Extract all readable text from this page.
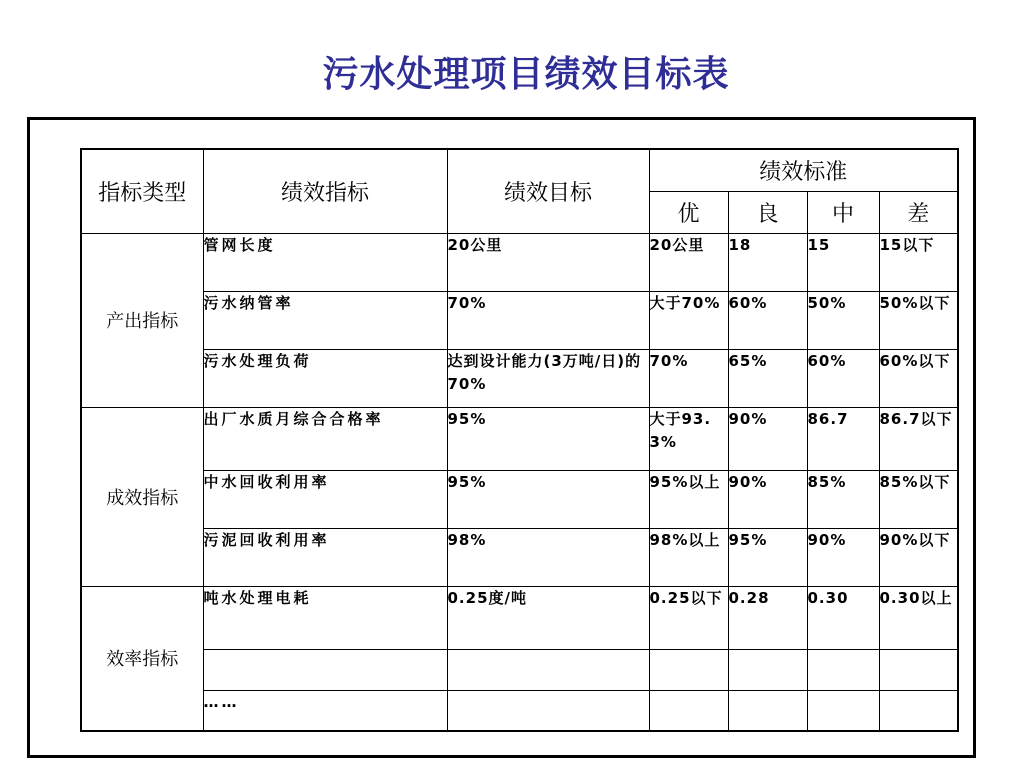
污水处理项目绩效目标表
指标类型	绩效指标	绩效目标	绩效标准			
			优	良	中	差
产出指标	管网长度	20公里	20公里	18	15	15以下
	污水纳管率	70%	大于70%	60%	50%	50%以下
	污水处理负荷	达到设计能力(3万吨/日)的70%	70%	65%	60%	60%以下
成效指标	出厂水质月综合合格率	95%	大于93.3%	90%	86.7	86.7以下
	中水回收利用率	95%	95%以上	90%	85%	85%以下
	污泥回收利用率	98%	98%以上	95%	90%	90%以下
效率指标	吨水处理电耗	0.25度/吨	0.25以下	0.28	0.30	0.30以上

	……					
